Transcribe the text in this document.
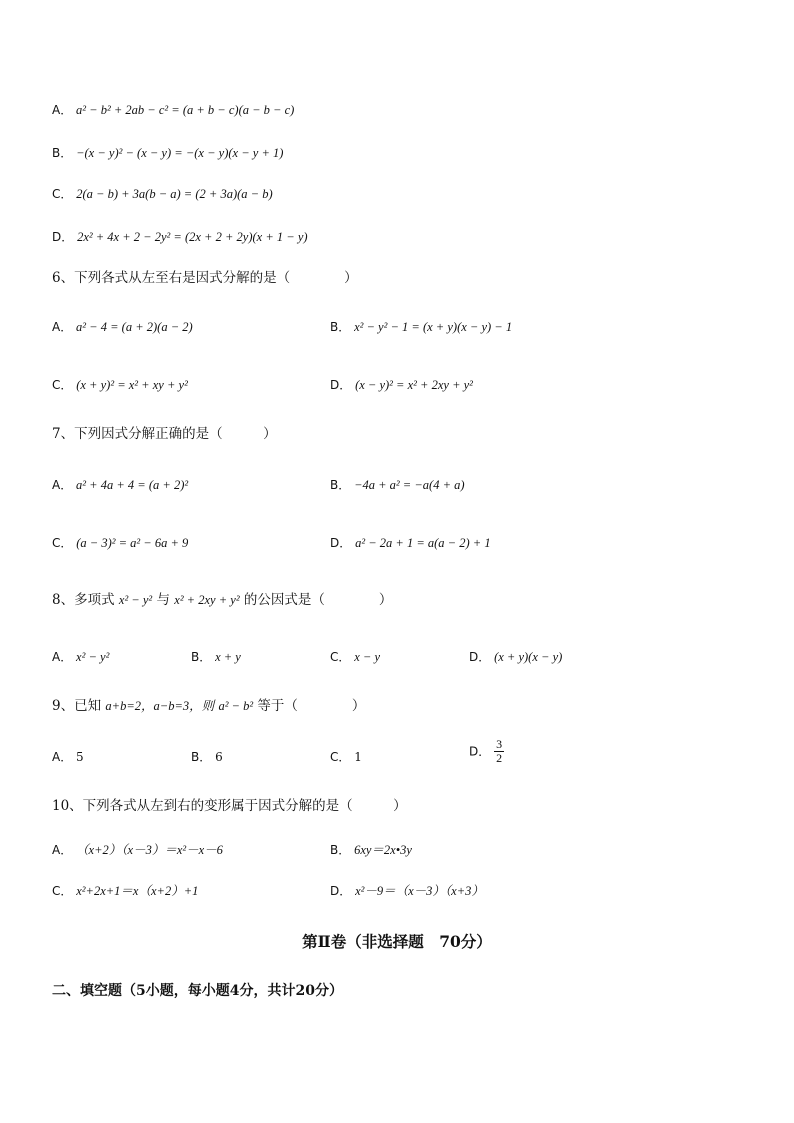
A． a² − b² + 2ab − c² = (a + b − c)(a − b − c)
B． −(x − y)² − (x − y) = −(x − y)(x − y + 1)
C． 2(a − b) + 3a(b − a) = (2 + 3a)(a − b)
D． 2x² + 4x + 2 − 2y² = (2x + 2 + 2y)(x + 1 − y)
6、下列各式从左至右是因式分解的是（　　　　）
A． a² − 4 = (a + 2)(a − 2)	B． x² − y² − 1 = (x + y)(x − y) − 1
C． (x + y)² = x² + xy + y²	D． (x − y)² = x² + 2xy + y²
7、下列因式分解正确的是（　　　）
A． a² + 4a + 4 = (a + 2)²	B． −4a + a² = −a(4 + a)
C． (a − 3)² = a² − 6a + 9	D． a² − 2a + 1 = a(a − 2) + 1
8、多项式 x² − y² 与 x² + 2xy + y² 的公因式是（　　　　）
A． x² − y²	B． x + y	C． x − y	D． (x + y)(x − y)
9、已知 a+b=2，a−b=3，则 a² − b² 等于（　　　　）
A． 5	B． 6	C． 1	D． $\frac{3}{2}$
10、下列各式从左到右的变形属于因式分解的是（　　　）
A． （x+2）（x－3）＝x²－x－6	B． 6xy＝2x•3y
C． x²+2x+1＝x（x+2）+1	D． x²－9＝（x－3）（x+3）
第Ⅱ卷（非选择题　70分）
二、填空题（5小题，每小题4分，共计20分）
